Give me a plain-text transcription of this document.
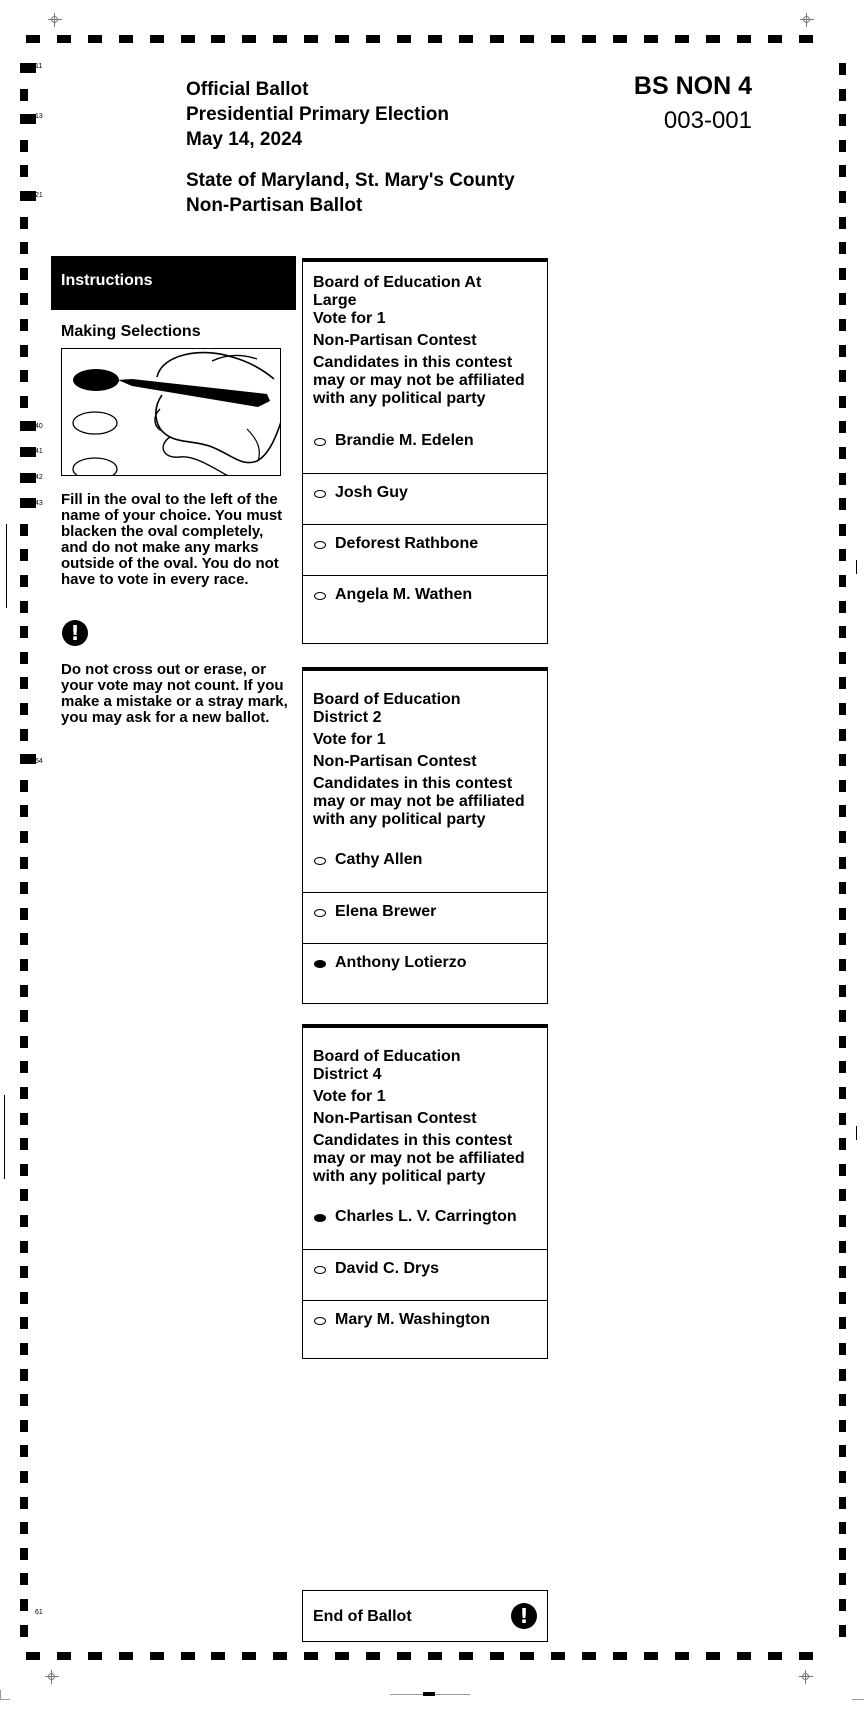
11
13
21
40
41
42
43
54
61
Official Ballot
Presidential Primary Election
May 14, 2024
State of Maryland, St. Mary's County
Non-Partisan Ballot
BS NON 4
003-001
Instructions
Making Selections
Fill in the oval to the left of the name of your choice. You must blacken the oval completely, and do not make any marks outside of the oval. You do not have to vote in every race.
!
Do not cross out or erase, or your vote may not count. If you make a mistake or a stray mark, you may ask for a new ballot.
Board of Education At
Large
Vote for 1
Non-Partisan Contest
Candidates in this contest may or may not be affiliated with any political party
Brandie M. Edelen
Josh Guy
Deforest Rathbone
Angela M. Wathen
Board of Education
District 2
Vote for 1
Non-Partisan Contest
Candidates in this contest may or may not be affiliated with any political party
Cathy Allen
Elena Brewer
Anthony Lotierzo
Board of Education
District 4
Vote for 1
Non-Partisan Contest
Candidates in this contest may or may not be affiliated with any political party
Charles L. V. Carrington
David C. Drys
Mary M. Washington
End of Ballot	!
